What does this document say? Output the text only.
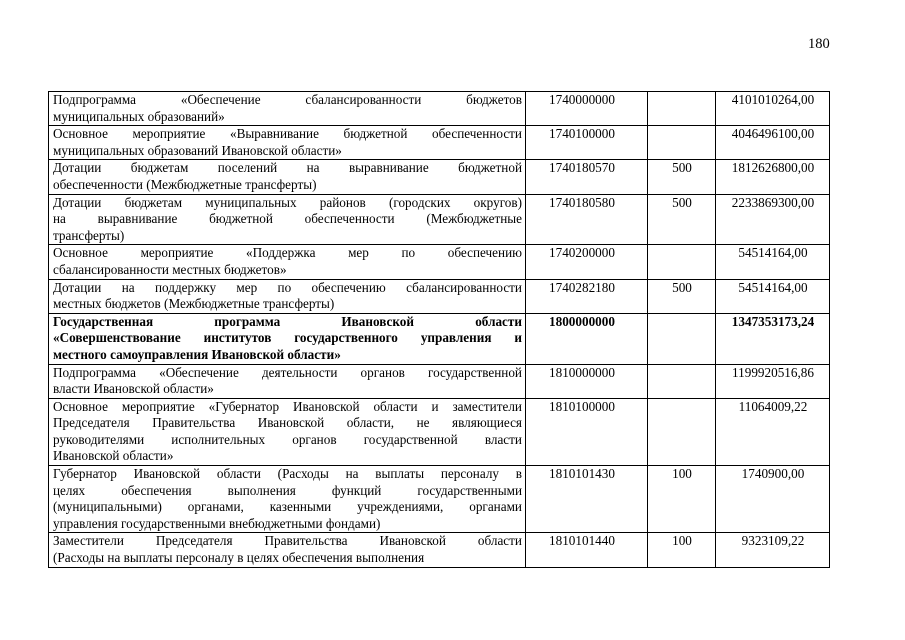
180
Подпрограмма «Обеспечение сбалансированности бюджетов
муниципальных образований»	1740000000		4101010264,00

Основное мероприятие «Выравнивание бюджетной обеспеченности
муниципальных образований Ивановской области»	1740100000		4046496100,00

Дотации бюджетам поселений на выравнивание бюджетной
обеспеченности (Межбюджетные трансферты)	1740180570	500	1812626800,00

Дотации бюджетам муниципальных районов (городских округов)
на выравнивание бюджетной обеспеченности (Межбюджетные
трансферты)	1740180580	500	2233869300,00

Основное мероприятие «Поддержка мер по обеспечению
сбалансированности местных бюджетов»	1740200000		54514164,00

Дотации на поддержку мер по обеспечению сбалансированности
местных бюджетов (Межбюджетные трансферты)	1740282180	500	54514164,00

Государственная программа Ивановской области
«Совершенствование институтов государственного управления и
местного самоуправления Ивановской области»	1800000000		1347353173,24

Подпрограмма «Обеспечение деятельности органов государственной
власти Ивановской области»	1810000000		1199920516,86

Основное мероприятие «Губернатор Ивановской области и заместители
Председателя Правительства Ивановской области, не являющиеся
руководителями исполнительных органов государственной власти
Ивановской области»	1810100000		11064009,22

Губернатор Ивановской области (Расходы на выплаты персоналу в
целях обеспечения выполнения функций государственными
(муниципальными) органами, казенными учреждениями, органами
управления государственными внебюджетными фондами)	1810101430	100	1740900,00

Заместители Председателя Правительства Ивановской области
(Расходы на выплаты персоналу в целях обеспечения выполнения	1810101440	100	9323109,22
